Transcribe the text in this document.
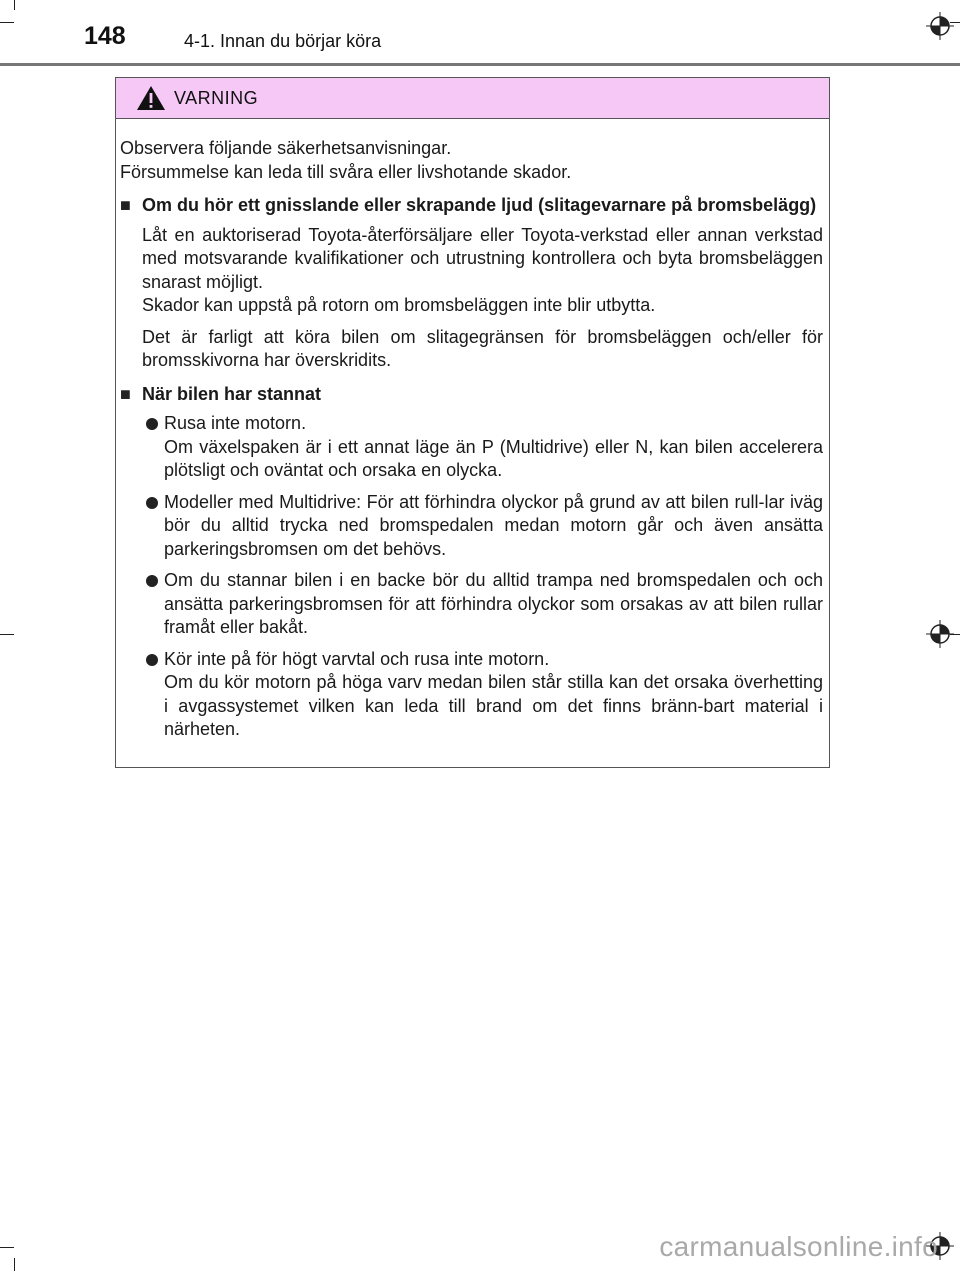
148	4-1. Innan du börjar köra
VARNING

Observera följande säkerhetsanvisningar.

Försummelse kan leda till svåra eller livshotande skador.

■ Om du hör ett gnisslande eller skrapande ljud (slitagevarnare på bromsbelägg)

Låt en auktoriserad Toyota-återförsäljare eller Toyota-verkstad eller annan verkstad med motsvarande kvalifikationer och utrustning kontrollera och byta bromsbeläggen snarast möjligt.

Skador kan uppstå på rotorn om bromsbeläggen inte blir utbytta.

Det är farligt att köra bilen om slitagegränsen för bromsbeläggen och/eller för bromsskivorna har överskridits.

■ När bilen har stannat
Rusa inte motorn.
Om växelspaken är i ett annat läge än P (Multidrive) eller N, kan bilen accelerera plötsligt och oväntat och orsaka en olycka.
Modeller med Multidrive: För att förhindra olyckor på grund av att bilen rull-lar iväg bör du alltid trycka ned bromspedalen medan motorn går och även ansätta parkeringsbromsen om det behövs.
Om du stannar bilen i en backe bör du alltid trampa ned bromspedalen och och ansätta parkeringsbromsen för att förhindra olyckor som orsakas av att bilen rullar framåt eller bakåt.
Kör inte på för högt varvtal och rusa inte motorn.
Om du kör motorn på höga varv medan bilen står stilla kan det orsaka överhetting i avgassystemet vilken kan leda till brand om det finns bränn-bart material i närheten.
carmanualsonline.info
